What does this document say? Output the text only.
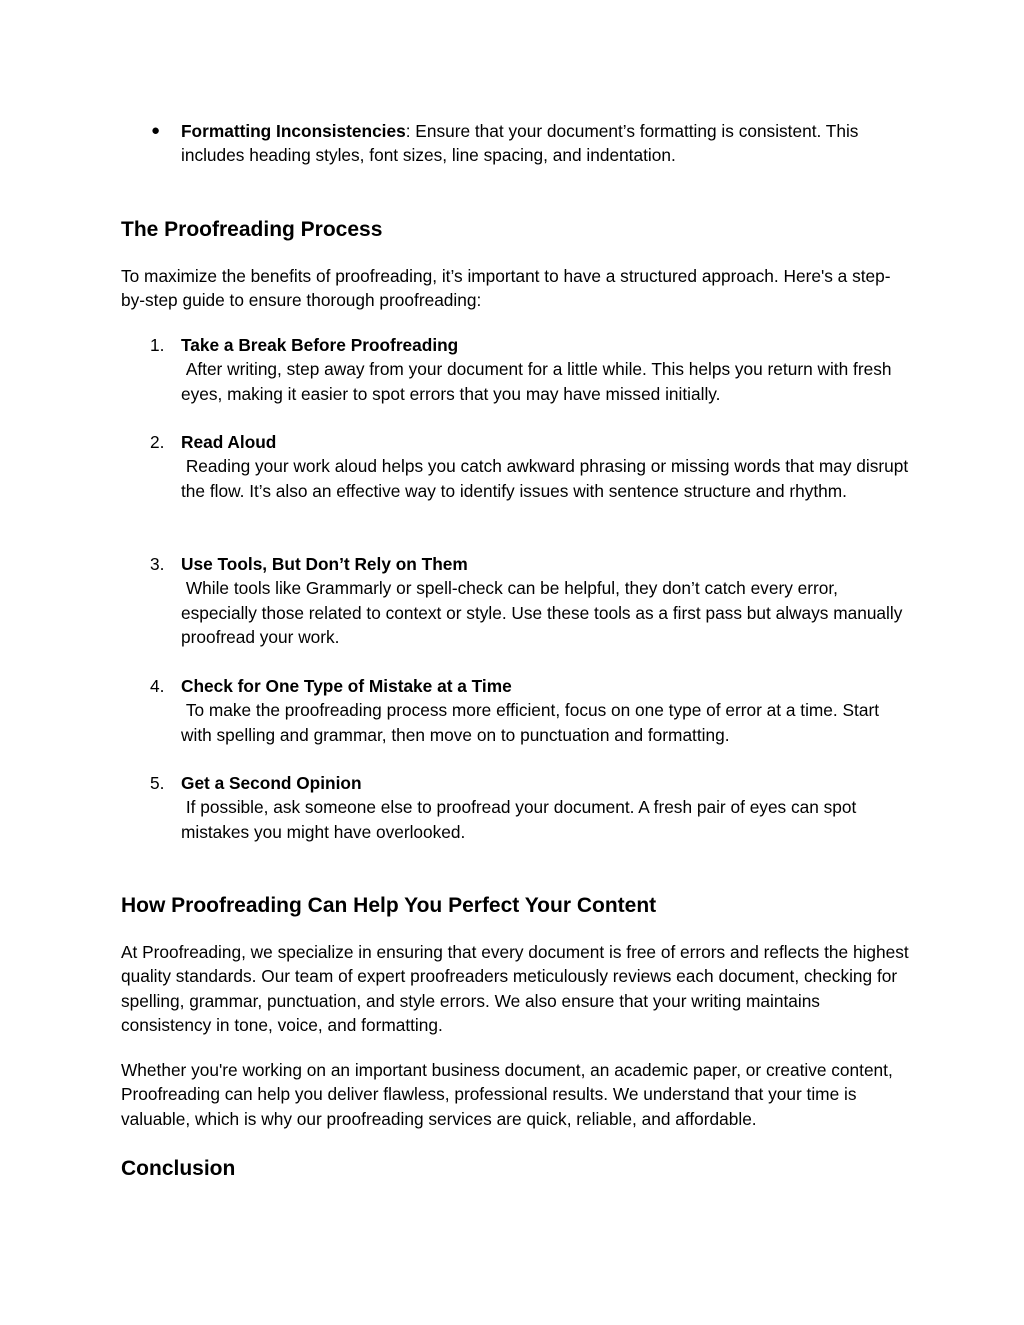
● Formatting Inconsistencies: Ensure that your document’s formatting is consistent. This includes heading styles, font sizes, line spacing, and indentation.
The Proofreading Process

To maximize the benefits of proofreading, it’s important to have a structured approach. Here's a step-by-step guide to ensure thorough proofreading:

1. Take a Break Before Proofreading
After writing, step away from your document for a little while. This helps you return with fresh eyes, making it easier to spot errors that you may have missed initially.
2. Read Aloud
Reading your work aloud helps you catch awkward phrasing or missing words that may disrupt the flow. It’s also an effective way to identify issues with sentence structure and rhythm.
3. Use Tools, But Don’t Rely on Them
While tools like Grammarly or spell-check can be helpful, they don’t catch every error, especially those related to context or style. Use these tools as a first pass but always manually proofread your work.
4. Check for One Type of Mistake at a Time
To make the proofreading process more efficient, focus on one type of error at a time. Start with spelling and grammar, then move on to punctuation and formatting.
5. Get a Second Opinion
If possible, ask someone else to proofread your document. A fresh pair of eyes can spot mistakes you might have overlooked.
How Proofreading Can Help You Perfect Your Content

At Proofreading, we specialize in ensuring that every document is free of errors and reflects the highest quality standards. Our team of expert proofreaders meticulously reviews each document, checking for spelling, grammar, punctuation, and style errors. We also ensure that your writing maintains consistency in tone, voice, and formatting.

Whether you're working on an important business document, an academic paper, or creative content, Proofreading can help you deliver flawless, professional results. We understand that your time is valuable, which is why our proofreading services are quick, reliable, and affordable.

Conclusion
